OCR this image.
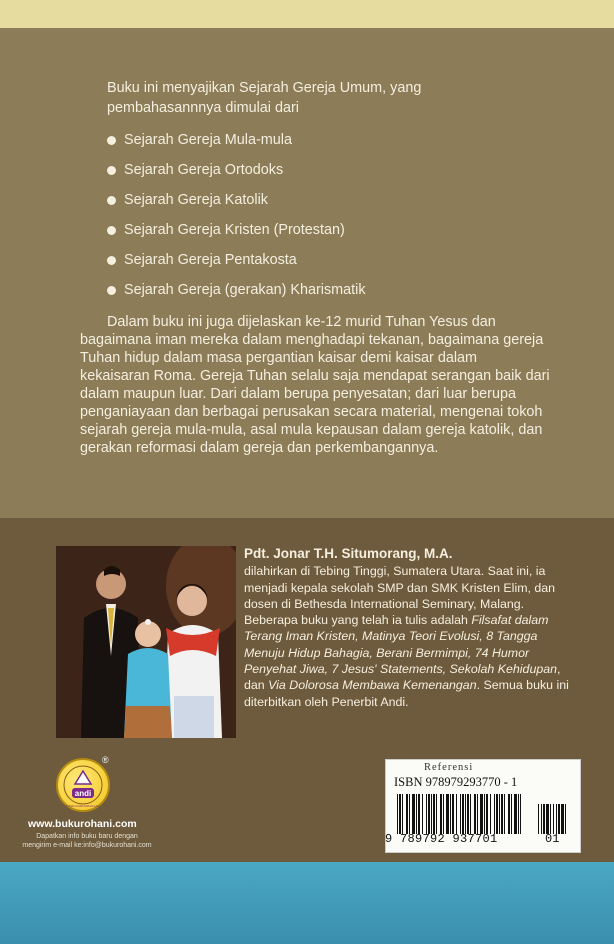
Buku ini menyajikan Sejarah Gereja Umum, yang pembahasannnya dimulai dari
Sejarah Gereja Mula-mula
Sejarah Gereja Ortodoks
Sejarah Gereja Katolik
Sejarah Gereja Kristen (Protestan)
Sejarah Gereja Pentakosta
Sejarah Gereja (gerakan) Kharismatik

Dalam buku ini juga dijelaskan ke-12 murid Tuhan Yesus dan bagaimana iman mereka dalam menghadapi tekanan, bagaimana gereja Tuhan hidup dalam masa pergantian kaisar demi kaisar dalam kekaisaran Roma. Gereja Tuhan selalu saja mendapat serangan baik dari dalam maupun luar. Dari dalam berupa penyesatan; dari luar berupa penganiayaan dan berbagai perusakan secara material, mengenai tokoh sejarah gereja mula-mula, asal mula kepausan dalam gereja katolik, dan gerakan reformasi dalam gereja dan perkembangannya.

Pdt. Jonar T.H. Situmorang, M.A.
dilahirkan di Tebing Tinggi, Sumatera Utara. Saat ini, ia menjadi kepala sekolah SMP dan SMK Kristen Elim, dan dosen di Bethesda International Seminary, Malang. Beberapa buku yang telah ia tulis adalah Filsafat dalam Terang Iman Kristen, Matinya Teori Evolusi, 8 Tangga Menuju Hidup Bahagia, Berani Bermimpi, 74 Humor Penyehat Jiwa, 7 Jesus' Statements, Sekolah Kehidupan, dan Via Dolorosa Membawa Kemenangan. Semua buku ini diterbitkan oleh Penerbit Andi.
andi
KASIH KARUNIA ALLAH
®
www.bukurohani.com
Dapatkan info buku baru dengan mengirim e-mail ke:info@bukurohani.com
Referensi
ISBN 978979293770 - 1
9 789792 937701	01
